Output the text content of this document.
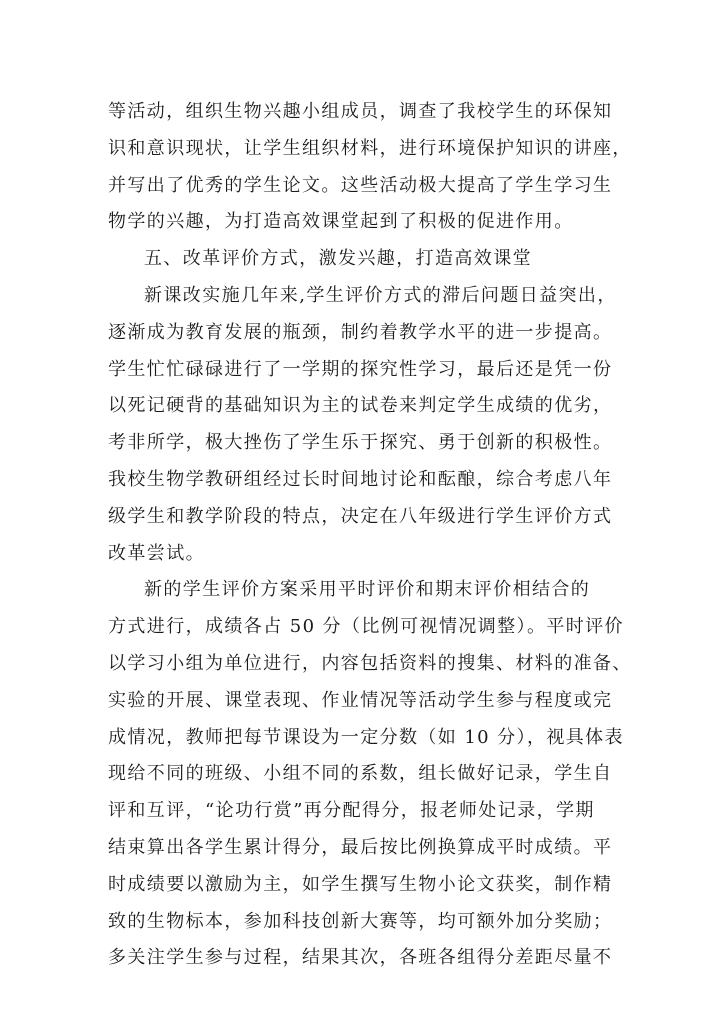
等活动，组织生物兴趣小组成员，调查了我校学生的环保知
识和意识现状，让学生组织材料，进行环境保护知识的讲座，
并写出了优秀的学生论文。这些活动极大提高了学生学习生
物学的兴趣，为打造高效课堂起到了积极的促进作用。
五、改革评价方式，激发兴趣，打造高效课堂
新课改实施几年来,学生评价方式的滞后问题日益突出，
逐渐成为教育发展的瓶颈，制约着教学水平的进一步提高。
学生忙忙碌碌进行了一学期的探究性学习，最后还是凭一份
以死记硬背的基础知识为主的试卷来判定学生成绩的优劣，
考非所学，极大挫伤了学生乐于探究、勇于创新的积极性。
我校生物学教研组经过长时间地讨论和酝酿，综合考虑八年
级学生和教学阶段的特点，决定在八年级进行学生评价方式
改革尝试。
新的学生评价方案采用平时评价和期末评价相结合的
方式进行，成绩各占 50 分（比例可视情况调整）。平时评价
以学习小组为单位进行，内容包括资料的搜集、材料的准备、
实验的开展、课堂表现、作业情况等活动学生参与程度或完
成情况，教师把每节课设为一定分数（如 10 分），视具体表
现给不同的班级、小组不同的系数，组长做好记录，学生自
评和互评，“论功行赏”再分配得分，报老师处记录，学期
结束算出各学生累计得分，最后按比例换算成平时成绩。平
时成绩要以激励为主，如学生撰写生物小论文获奖，制作精
致的生物标本，参加科技创新大赛等，均可额外加分奖励；
多关注学生参与过程，结果其次，各班各组得分差距尽量不
